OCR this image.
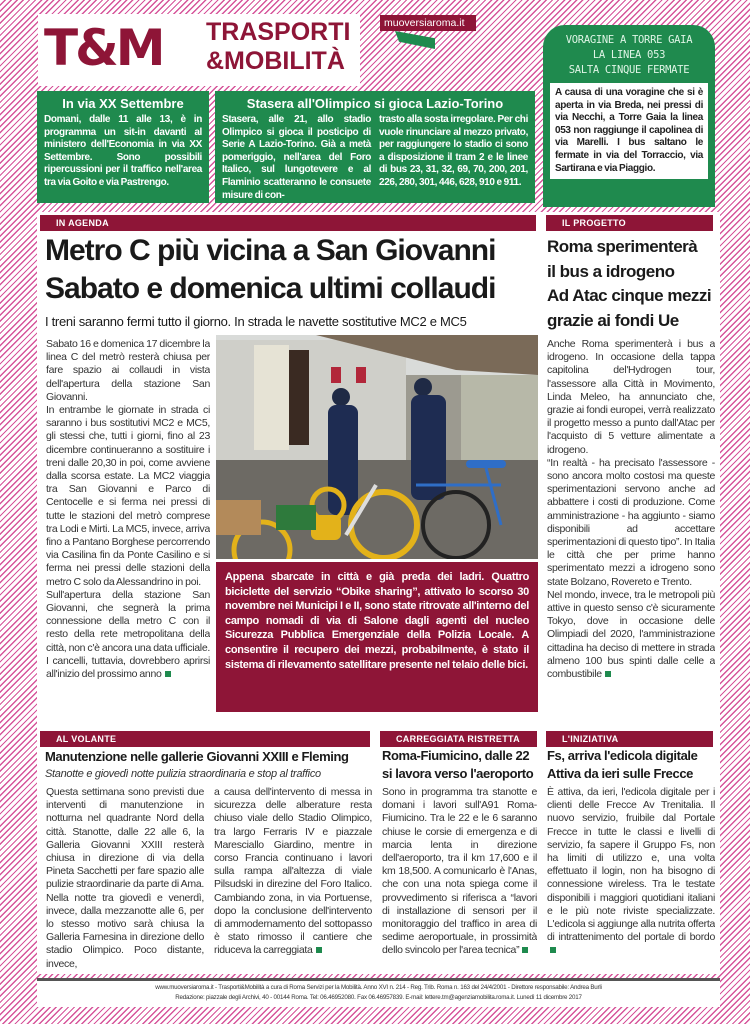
T&M TRASPORTI
&MOBILITÀ
muoversiaroma.it
In via XX Settembre

Domani, dalle 11 alle 13, è in programma un sit-in davanti al ministero dell'Economia in via XX Settembre. Sono possibili ripercussioni per il traffico nell'area tra via Goito e via Pastrengo.

Stasera all'Olimpico si gioca Lazio-Torino

Stasera, alle 21, allo stadio Olimpico si gioca il posticipo di Serie A Lazio-Torino. Già a metà pomeriggio, nell'area del Foro Italico, sul lungotevere e al Flaminio scatteranno le consuete misure di con-

trasto alla sosta irregolare. Per chi vuole rinunciare al mezzo privato, per raggiungere lo stadio ci sono a disposizione il tram 2 e le linee di bus 23, 31, 32, 69, 70, 200, 201, 226, 280, 301, 446, 628, 910 e 911.

VORAGINE A TORRE GAIA
LA LINEA 053
SALTA CINQUE FERMATE
A causa di una voragine che si è aperta in via Breda, nei pressi di via Necchi, a Torre Gaia la linea 053 non raggiunge il capolinea di via Marelli. I bus saltano le fermate in via del Torraccio, via Sartirana e via Piaggio.
IN AGENDA	IL PROGETTO
Metro C più vicina a San Giovanni
Sabato e domenica ultimi collaudi
I treni saranno fermi tutto il giorno. In strada le navette sostitutive MC2 e MC5

Sabato 16 e domenica 17 dicembre la linea C del metrò resterà chiusa per fare spazio ai collaudi in vista dell'apertura della stazione San Giovanni.

In entrambe le giornate in strada ci saranno i bus sostitutivi MC2 e MC5, gli stessi che, tutti i giorni, fino al 23 dicembre continueranno a sostituire i treni dalle 20,30 in poi, come avviene dalla scorsa estate. La MC2 viaggia tra San Giovanni e Parco di Centocelle e si ferma nei pressi di tutte le stazioni del metrò comprese tra Lodi e Mirti. La MC5, invece, arriva fino a Pantano Borghese percorrendo via Casilina fin da Ponte Casilino e si ferma nei pressi delle stazioni della metro C solo da Alessandrino in poi.

Sull'apertura della stazione San Giovanni, che segnerà la prima connessione della metro C con il resto della rete metropolitana della città, non c'è ancora una data ufficiale. I cancelli, tuttavia, dovrebbero aprirsi all'inizio del prossimo anno

Appena sbarcate in città e già preda dei ladri. Quattro biciclette del servizio “Obike sharing”, attivato lo scorso 30 novembre nei Municipi I e II, sono state ritrovate all'interno del campo nomadi di via di Salone dagli agenti del nucleo Sicurezza Pubblica Emergenziale della Polizia Locale. A consentire il recupero dei mezzi, probabilmente, è stato il sistema di rilevamento satellitare presente nel telaio delle bici.
Roma sperimenterà
il bus a idrogeno
Ad Atac cinque mezzi
grazie ai fondi Ue

Anche Roma sperimenterà i bus a idrogeno. In occasione della tappa capitolina del'Hydrogen tour, l'assessore alla Città in Movimento, Linda Meleo, ha annunciato che, grazie ai fondi europei, verrà realizzato il progetto messo a punto dall'Atac per l'acquisto di 5 vetture alimentate a idrogeno.

“In realtà - ha precisato l'assessore - sono ancora molto costosi ma queste sperimentazioni servono anche ad abbattere i costi di produzione. Come amministrazione - ha aggiunto - siamo disponibili ad accettare sperimentazioni di questo tipo”. In Italia le città che per prime hanno sperimentato mezzi a idrogeno sono state Bolzano, Rovereto e Trento.

Nel mondo, invece, tra le metropoli più attive in questo senso c'è sicuramente Tokyo, dove in occasione delle Olimpiadi del 2020, l'amministrazione cittadina ha deciso di mettere in strada almeno 100 bus spinti dalle celle a combustibile

AL VOLANTE	CARREGGIATA RISTRETTA	L'INIZIATIVA
Manutenzione nelle gallerie Giovanni XXIII e Fleming
Stanotte e giovedì notte pulizia straordinaria e stop al traffico
Questa settimana sono previsti due interventi di manutenzione in notturna nel quadrante Nord della città. Stanotte, dalle 22 alle 6, la Galleria Giovanni XXIII resterà chiusa in direzione di via della Pineta Sacchetti per fare spazio alle pulizie straordinarie da parte di Ama. Nella notte tra giovedì e venerdì, invece, dalla mezzanotte alle 6, per lo stesso motivo sarà chiusa la Galleria Farnesina in direzione dello stadio Olimpico. Poco distante, invece,
a causa dell'intervento di messa in sicurezza delle alberature resta chiuso viale dello Stadio Olimpico, tra largo Ferraris IV e piazzale Maresciallo Giardino, mentre in corso Francia continuano i lavori sulla rampa all'altezza di viale Pilsudski in direzine del Foro Italico. Cambiando zona, in via Portuense, dopo la conclusione dell'intervento di ammodernamento del sottopasso è stato rimosso il cantiere che riduceva la carreggiata
Roma-Fiumicino, dalle 22
si lavora verso l'aeroporto
Sono in programma tra stanotte e domani i lavori sull'A91 Roma-Fiumicino. Tra le 22 e le 6 saranno chiuse le corsie di emergenza e di marcia lenta in direzione dell'aeroporto, tra il km 17,600 e il km 18,500. A comunicarlo è l'Anas, che con una nota spiega come il provvedimento si riferisca a “lavori di installazione di sensori per il monitoraggio del traffico in area di sedime aeroportuale, in prossimità dello svincolo per l'area tecnica”
Fs, arriva l'edicola digitale
Attiva da ieri sulle Frecce
È attiva, da ieri, l'edicola digitale per i clienti delle Frecce Av Trenitalia. Il nuovo servizio, fruibile dal Portale Frecce in tutte le classi e livelli di servizio, fa sapere il Gruppo Fs, non ha limiti di utilizzo e, una volta effettuato il login, non ha bisogno di connessione wireless. Tra le testate disponibili i maggiori quotidiani italiani e le più note riviste specializzate. L'edicola si aggiunge alla nutrita offerta di intrattenimento del portale di bordo
www.muoversiaroma.it - Trasporti&Mobilità a cura di Roma Servizi per la Mobilità. Anno XVI n. 214 - Reg. Trib. Roma n. 163 del 24/4/2001 - Direttore responsabile: Andrea Burli
Redazione: piazzale degli Archivi, 40 - 00144 Roma. Tel: 06.46952080. Fax 06.46957839. E-mail: lettere.tm@agenziamobilita.roma.it. Lunedì 11 dicembre 2017
